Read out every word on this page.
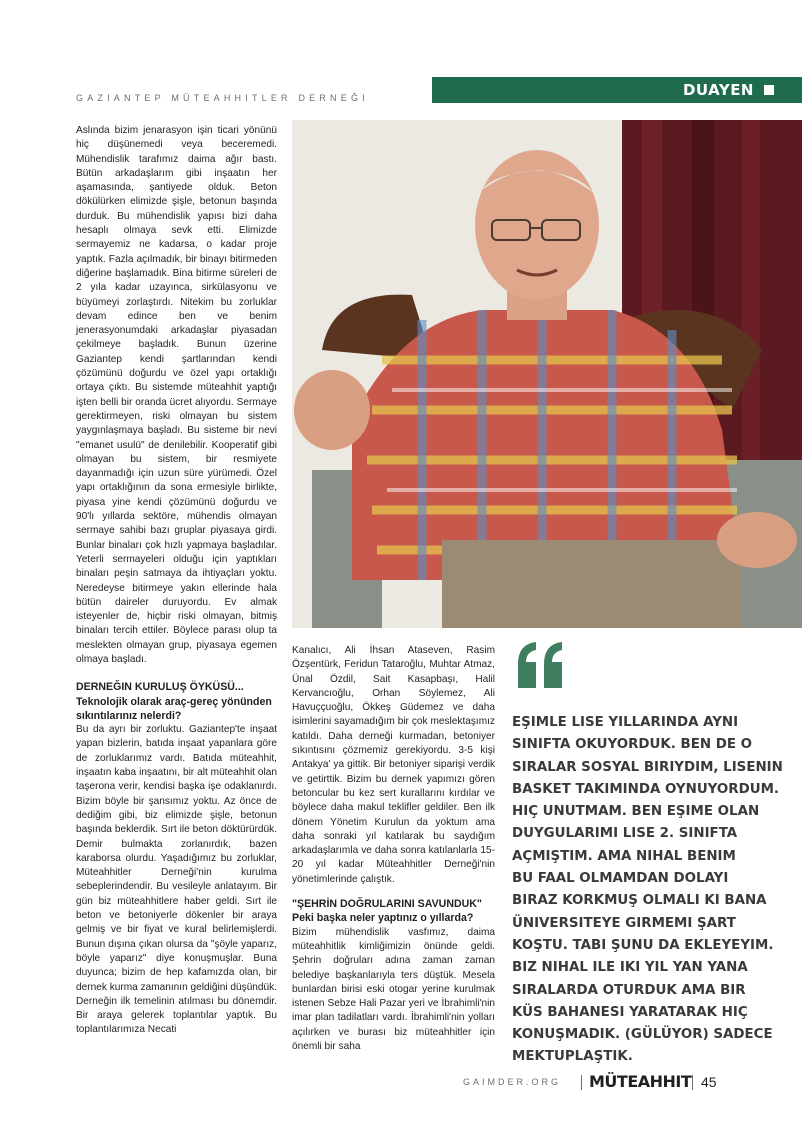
GAZIANTEP MÜTEAHHITLER DERNEĞI	DUAYEN

Aslında bizim jenarasyon işin ticari yönünü hiç düşünemedi veya beceremedi. Mühendislik tarafımız daima ağır bastı. Bütün arkadaşlarım gibi inşaatın her aşamasında, şantiyede olduk. Beton dökülürken elimizde şişle, betonun başında durduk. Bu mühendislik yapısı bizi daha hesaplı olmaya sevk etti. Elimizde sermayemiz ne kadarsa, o kadar proje yaptık. Fazla açılmadık, bir binayı bitirmeden diğerine başlamadık. Bina bitirme süreleri de 2 yıla kadar uzayınca, sirkülasyonu ve büyümeyi zorlaştırdı. Nitekim bu zorluklar devam edince ben ve benim jenerasyonumdaki arkadaşlar piyasadan çekilmeye başladık. Bunun üzerine Gaziantep kendi şartlarından kendi çözümünü doğurdu ve özel yapı ortaklığı ortaya çıktı. Bu sistemde müteahhit yaptığı işten belli bir oranda ücret alıyordu. Sermaye gerektirmeyen, riski olmayan bu sistem yaygınlaşmaya başladı. Bu sisteme bir nevi "emanet usulü" de denilebilir. Kooperatif gibi olmayan bu sistem, bir resmiyete dayanmadığı için uzun süre yürümedi. Özel yapı ortaklığının da sona ermesiyle birlikte, piyasa yine kendi çözümünü doğurdu ve 90'lı yıllarda sektöre, mühendis olmayan sermaye sahibi bazı gruplar piyasaya girdi. Bunlar binaları çok hızlı yapmaya başladılar. Yeterli sermayeleri olduğu için yaptıkları binaları peşin satmaya da ihtiyaçları yoktu. Neredeyse bitirmeye yakın ellerinde hala bütün daireler duruyordu. Ev almak isteyenler de, hiçbir riski olmayan, bitmiş binaları tercih ettiler. Böylece parası olup ta meslekten olmayan grup, piyasaya egemen olmaya başladı.

DERNEĞIN KURULUŞ ÖYKÜSÜ...

Teknolojik olarak araç-gereç yönünden sıkıntılarınız nelerdi?

Bu da ayrı bir zorluktu. Gaziantep'te inşaat yapan bizlerin, batıda inşaat yapanlara göre de zorluklarımız vardı. Batıda müteahhit, inşaatın kaba inşaatını, bir alt müteahhit olan taşerona verir, kendisi başka işe odaklanırdı. Bizim böyle bir şansımız yoktu. Az önce de dediğim gibi, biz elimizde şişle, betonun başında beklerdik. Sırt ile beton döktürürdük. Demir bulmakta zorlanırdık, bazen karaborsa olurdu. Yaşadığımız bu zorluklar, Müteahhitler Derneği'nin kurulma sebeplerindendir. Bu vesileyle anlatayım. Bir gün biz müteahhitlere haber geldi. Sırt ile beton ve betoniyerle dökenler bir araya gelmiş ve bir fiyat ve kural belirlemişlerdi. Bunun dışına çıkan olursa da "şöyle yaparız, böyle yaparız" diye konuşmuşlar. Buna duyunca; bizim de hep kafamızda olan, bir dernek kurma zamanının geldiğini düşündük. Derneğin ilk temelinin atılması bu dönemdir. Bir araya gelerek toplantılar yaptık. Bu toplantılarımıza Necati

Kanalıcı, Ali İhsan Ataseven, Rasim Özşentürk, Feridun Tataroğlu, Muhtar Atmaz, Ünal Özdil, Sait Kasapbaşı, Halil Kervancıoğlu, Orhan Söylemez, Ali Havuççuoğlu, Ökkeş Güdemez ve daha isimlerini sayamadığım bir çok meslektaşımız katıldı. Daha derneği kurmadan, betoniyer sıkıntısını çözmemiz gerekiyordu. 3-5 kişi Antakya' ya gittik. Bir betoniyer siparişi verdik ve getirttik. Bizim bu dernek yapımızı gören betoncular bu kez sert kurallarını kırdılar ve böylece daha makul teklifler geldiler. Ben ilk dönem Yönetim Kurulun da yoktum ama daha sonraki yıl katılarak bu saydığım arkadaşlarımla ve daha sonra katılanlarla 15-20 yıl kadar Müteahhitler Derneği'nin yönetimlerinde çalıştık.

"ŞEHRİN DOĞRULARINI SAVUNDUK"

Peki başka neler yaptınız o yıllarda?

Bizim mühendislik vasfımız, daima müteahhitlik kimliğimizin önünde geldi. Şehrin doğruları adına zaman zaman belediye başkanlarıyla ters düştük. Mesela bunlardan birisi eski otogar yerine kurulmak istenen Sebze Hali Pazar yeri ve İbrahimli'nin imar plan tadilatları vardı. İbrahimli'nin yolları açılırken ve burası biz müteahhitler için önemli bir saha

EŞIMLE LISE YILLARINDA AYNI
SINIFTA OKUYORDUK. BEN DE O
SIRALAR SOSYAL BIRIYDIM, LISENIN
BASKET TAKIMINDA OYNUYORDUM.
HIÇ UNUTMAM. BEN EŞIME OLAN
DUYGULARIMI LISE 2. SINIFTA
AÇMIŞTIM. AMA NIHAL BENIM
BU FAAL OLMAMDAN DOLAYI
BIRAZ KORKMUŞ OLMALI KI BANA
ÜNIVERSITEYE GIRMEMI ŞART
KOŞTU. TABI ŞUNU DA EKLEYEYIM.
BIZ NIHAL ILE IKI YIL YAN YANA
SIRALARDA OTURDUK AMA BIR
KÜS BAHANESI YARATARAK HIÇ
KONUŞMADIK. (GÜLÜYOR) SADECE
MEKTUPLAŞTIK.
GAIMDER.ORG MÜTEAHHIT 45
